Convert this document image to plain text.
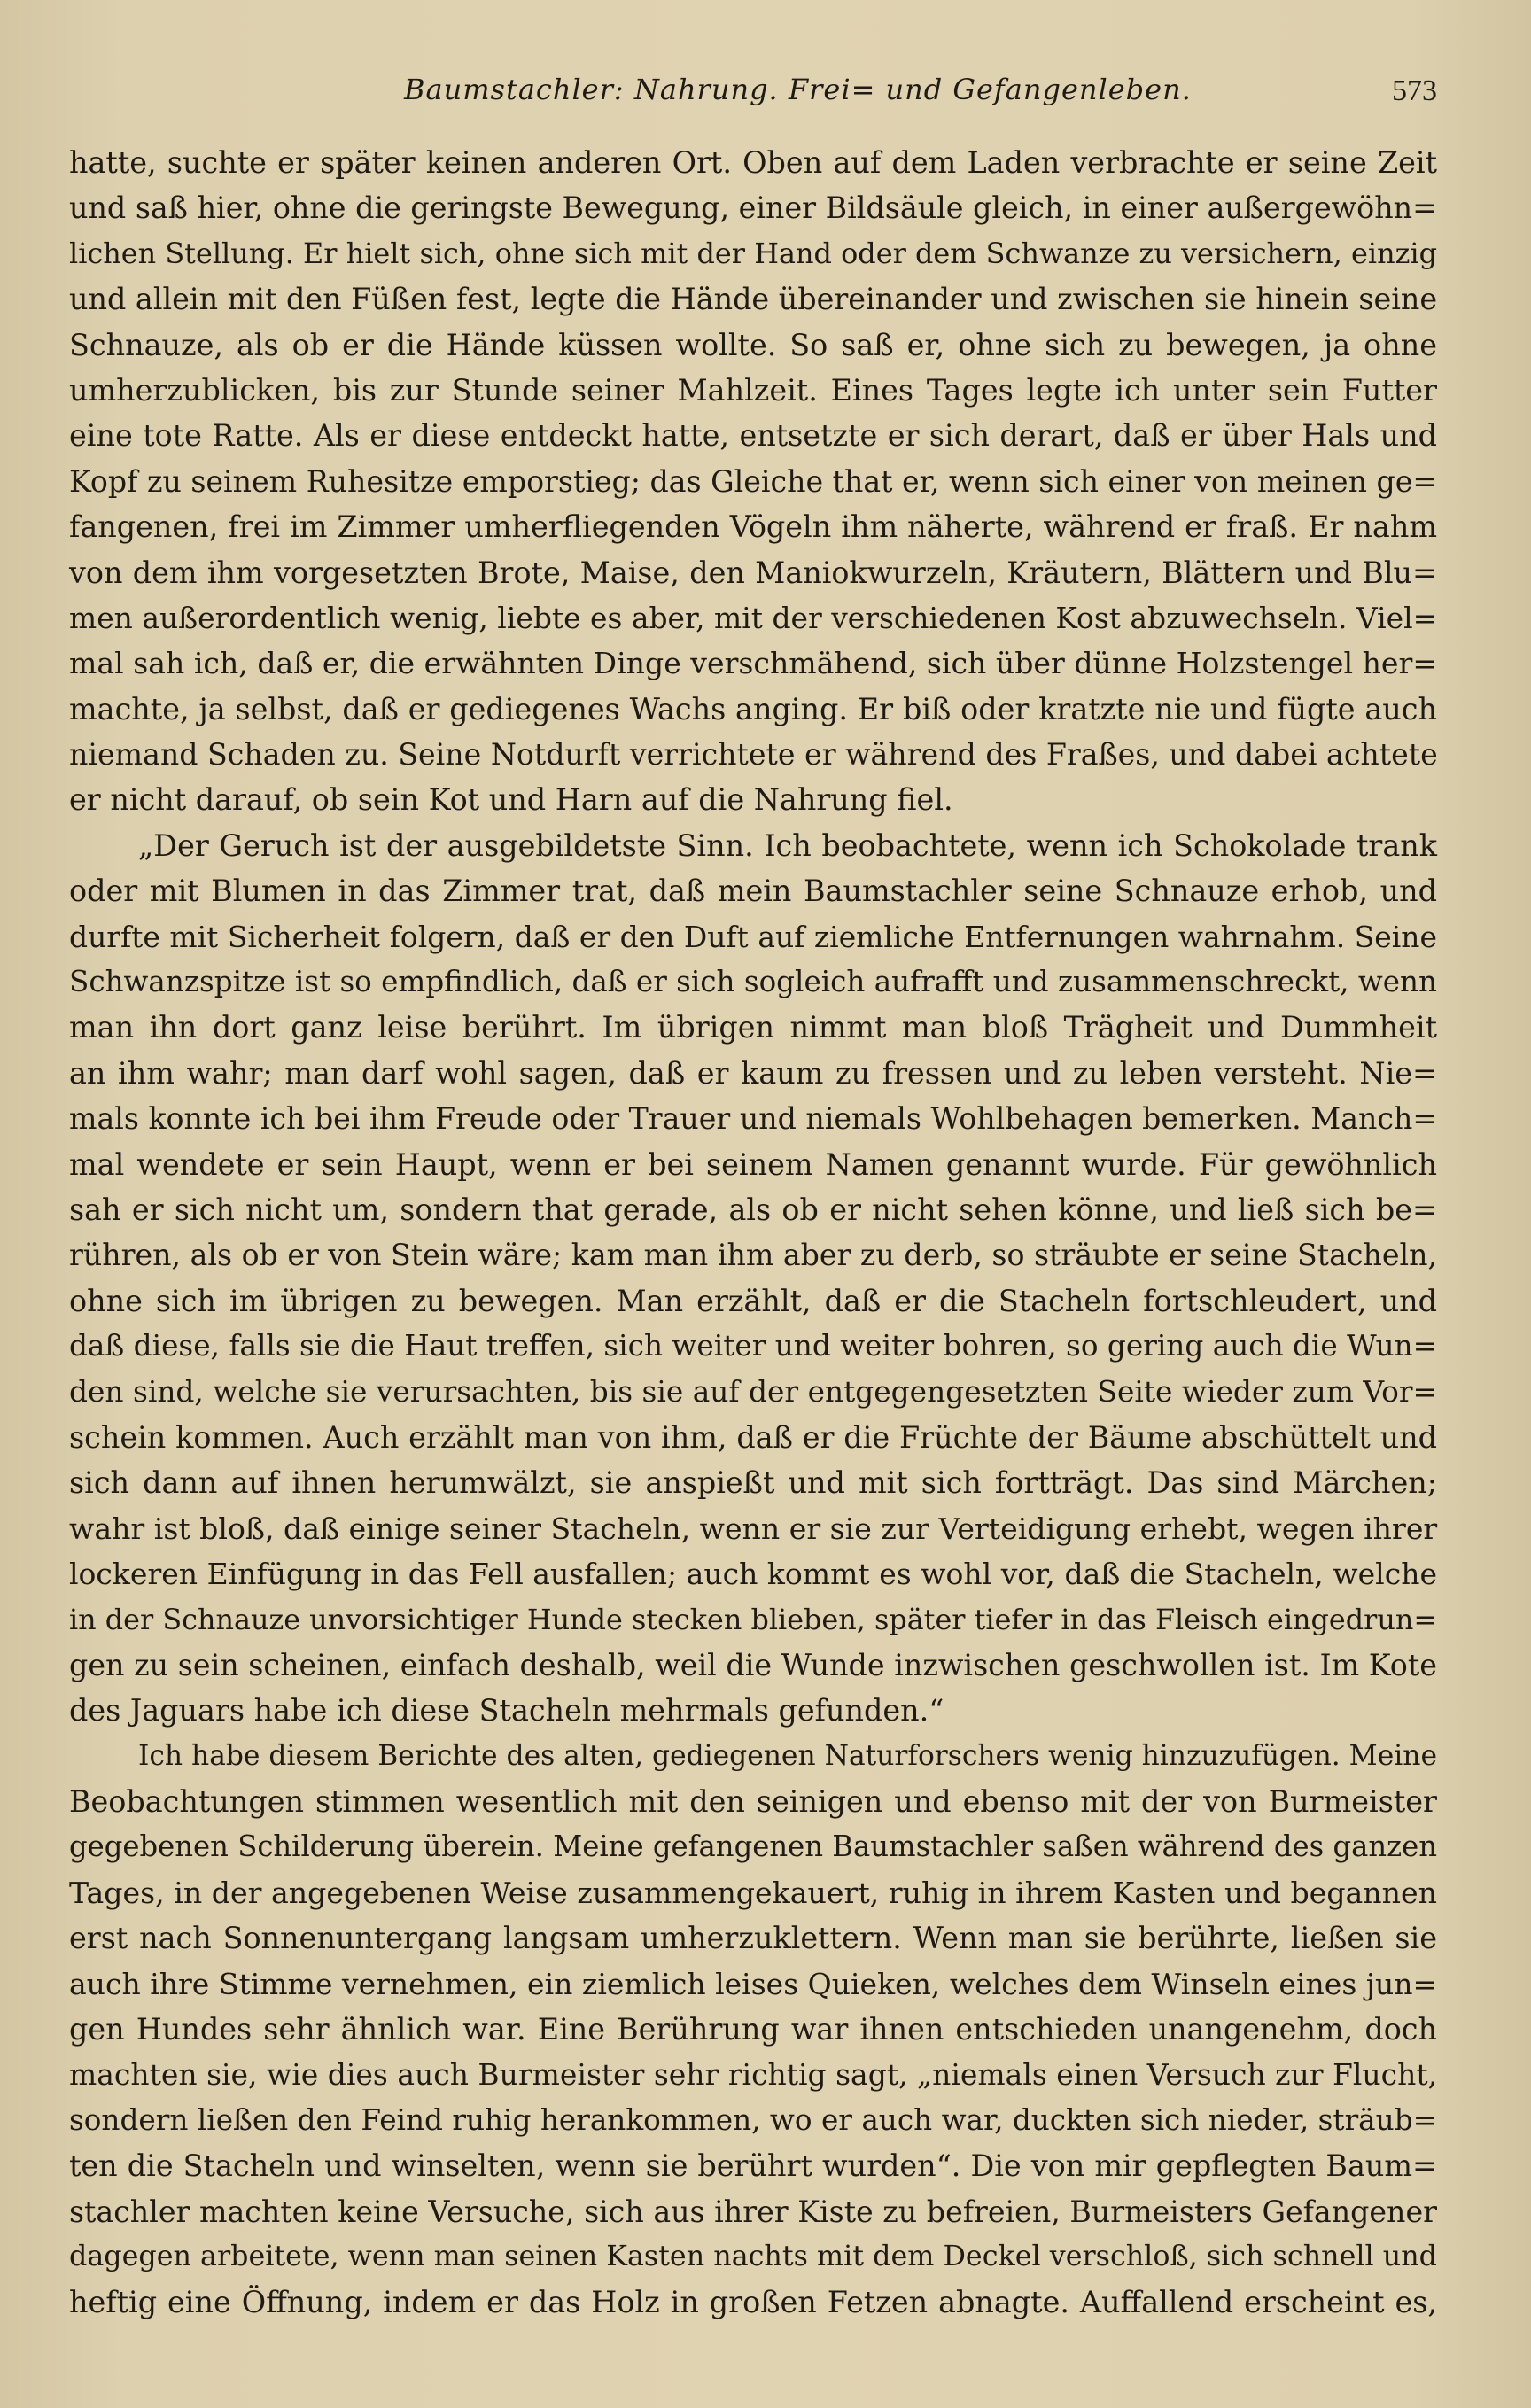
Baumstachler: Nahrung. Frei= und Gefangenleben.	573
hatte, suchte er später keinen anderen Ort. Oben auf dem Laden verbrachte er seine Zeit
und saß hier, ohne die geringste Bewegung, einer Bildsäule gleich, in einer außergewöhn=
lichen Stellung. Er hielt sich, ohne sich mit der Hand oder dem Schwanze zu versichern, einzig
und allein mit den Füßen fest, legte die Hände übereinander und zwischen sie hinein seine
Schnauze, als ob er die Hände küssen wollte. So saß er, ohne sich zu bewegen, ja ohne
umherzublicken, bis zur Stunde seiner Mahlzeit. Eines Tages legte ich unter sein Futter
eine tote Ratte. Als er diese entdeckt hatte, entsetzte er sich derart, daß er über Hals und
Kopf zu seinem Ruhesitze emporstieg; das Gleiche that er, wenn sich einer von meinen ge=
fangenen, frei im Zimmer umherfliegenden Vögeln ihm näherte, während er fraß. Er nahm
von dem ihm vorgesetzten Brote, Maise, den Maniokwurzeln, Kräutern, Blättern und Blu=
men außerordentlich wenig, liebte es aber, mit der verschiedenen Kost abzuwechseln. Viel=
mal sah ich, daß er, die erwähnten Dinge verschmähend, sich über dünne Holzstengel her=
machte, ja selbst, daß er gediegenes Wachs anging. Er biß oder kratzte nie und fügte auch
niemand Schaden zu. Seine Notdurft verrichtete er während des Fraßes, und dabei achtete
er nicht darauf, ob sein Kot und Harn auf die Nahrung fiel.
„Der Geruch ist der ausgebildetste Sinn. Ich beobachtete, wenn ich Schokolade trank
oder mit Blumen in das Zimmer trat, daß mein Baumstachler seine Schnauze erhob, und
durfte mit Sicherheit folgern, daß er den Duft auf ziemliche Entfernungen wahrnahm. Seine
Schwanzspitze ist so empfindlich, daß er sich sogleich aufrafft und zusammenschreckt, wenn
man ihn dort ganz leise berührt. Im übrigen nimmt man bloß Trägheit und Dummheit
an ihm wahr; man darf wohl sagen, daß er kaum zu fressen und zu leben versteht. Nie=
mals konnte ich bei ihm Freude oder Trauer und niemals Wohlbehagen bemerken. Manch=
mal wendete er sein Haupt, wenn er bei seinem Namen genannt wurde. Für gewöhnlich
sah er sich nicht um, sondern that gerade, als ob er nicht sehen könne, und ließ sich be=
rühren, als ob er von Stein wäre; kam man ihm aber zu derb, so sträubte er seine Stacheln,
ohne sich im übrigen zu bewegen. Man erzählt, daß er die Stacheln fortschleudert, und
daß diese, falls sie die Haut treffen, sich weiter und weiter bohren, so gering auch die Wun=
den sind, welche sie verursachten, bis sie auf der entgegengesetzten Seite wieder zum Vor=
schein kommen. Auch erzählt man von ihm, daß er die Früchte der Bäume abschüttelt und
sich dann auf ihnen herumwälzt, sie anspießt und mit sich fortträgt. Das sind Märchen;
wahr ist bloß, daß einige seiner Stacheln, wenn er sie zur Verteidigung erhebt, wegen ihrer
lockeren Einfügung in das Fell ausfallen; auch kommt es wohl vor, daß die Stacheln, welche
in der Schnauze unvorsichtiger Hunde stecken blieben, später tiefer in das Fleisch eingedrun=
gen zu sein scheinen, einfach deshalb, weil die Wunde inzwischen geschwollen ist. Im Kote
des Jaguars habe ich diese Stacheln mehrmals gefunden.“
Ich habe diesem Berichte des alten, gediegenen Naturforschers wenig hinzuzufügen. Meine
Beobachtungen stimmen wesentlich mit den seinigen und ebenso mit der von Burmeister
gegebenen Schilderung überein. Meine gefangenen Baumstachler saßen während des ganzen
Tages, in der angegebenen Weise zusammengekauert, ruhig in ihrem Kasten und begannen
erst nach Sonnenuntergang langsam umherzuklettern. Wenn man sie berührte, ließen sie
auch ihre Stimme vernehmen, ein ziemlich leises Quieken, welches dem Winseln eines jun=
gen Hundes sehr ähnlich war. Eine Berührung war ihnen entschieden unangenehm, doch
machten sie, wie dies auch Burmeister sehr richtig sagt, „niemals einen Versuch zur Flucht,
sondern ließen den Feind ruhig herankommen, wo er auch war, duckten sich nieder, sträub=
ten die Stacheln und winselten, wenn sie berührt wurden“. Die von mir gepflegten Baum=
stachler machten keine Versuche, sich aus ihrer Kiste zu befreien, Burmeisters Gefangener
dagegen arbeitete, wenn man seinen Kasten nachts mit dem Deckel verschloß, sich schnell und
heftig eine Öffnung, indem er das Holz in großen Fetzen abnagte. Auffallend erscheint es,
